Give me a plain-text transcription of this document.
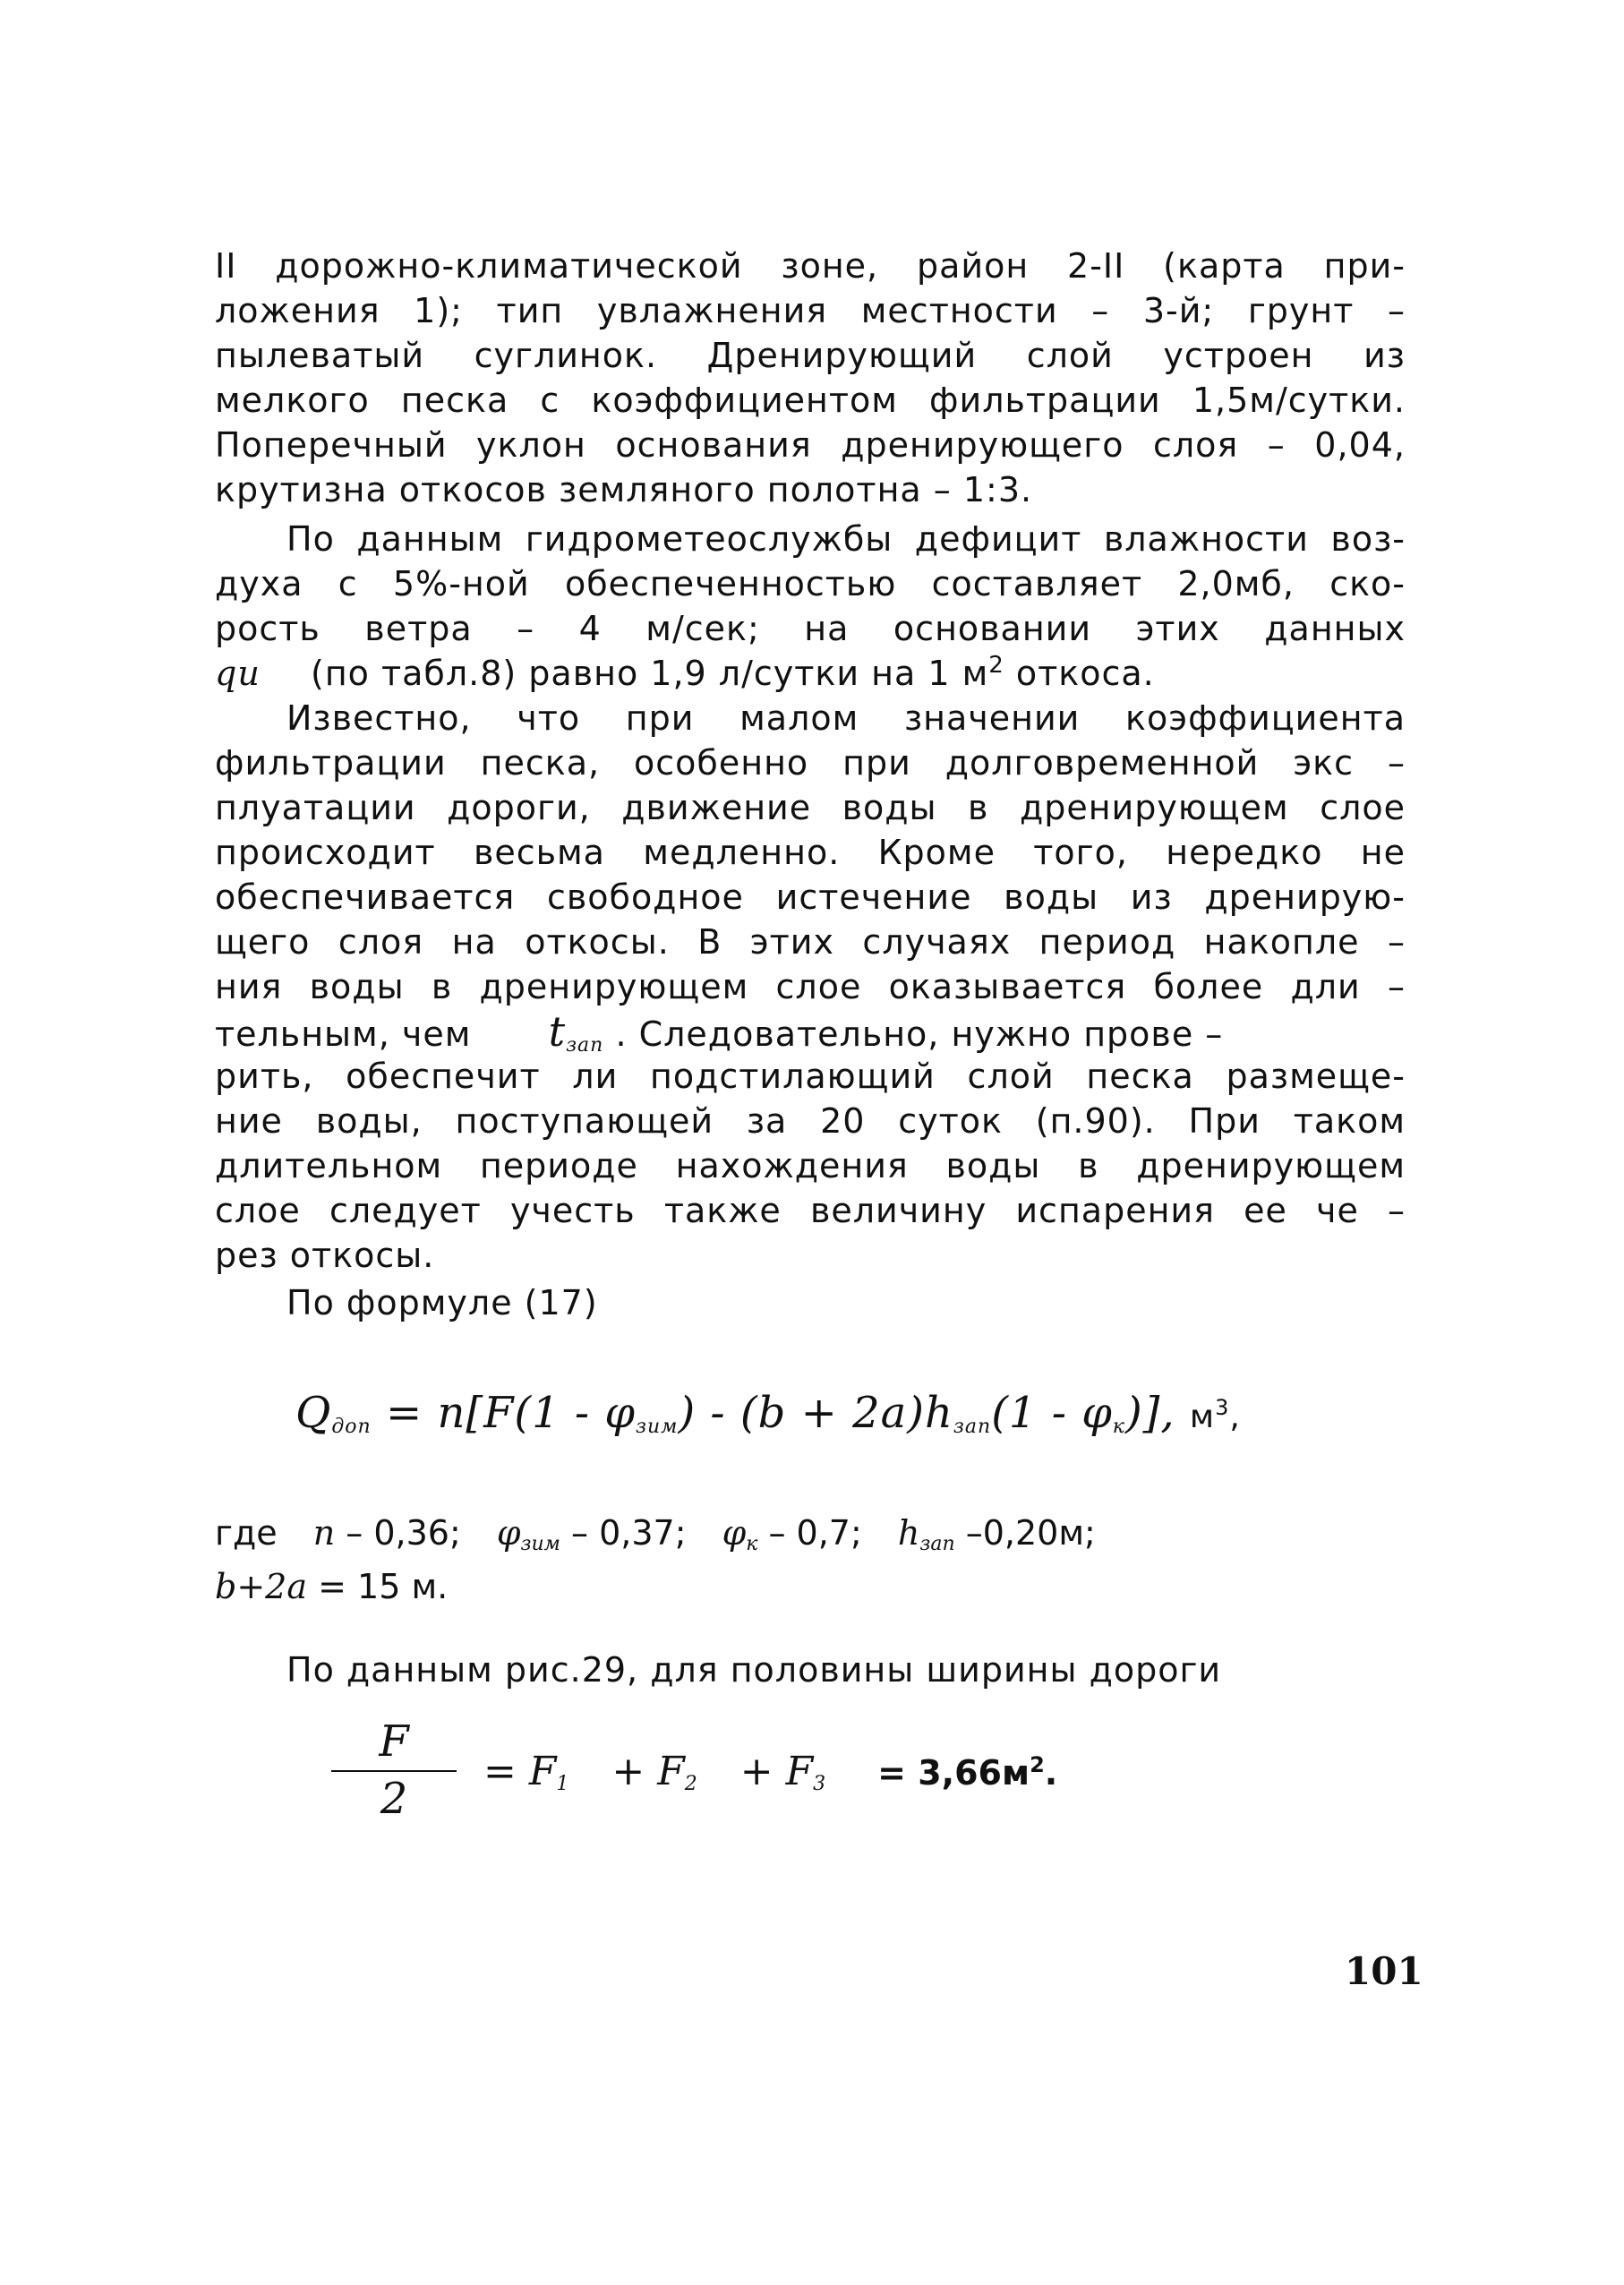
II дорожно-климатической зоне, район 2-II (карта при-
ложения 1); тип увлажнения местности – 3-й; грунт –
пылеватый суглинок. Дренирующий слой устроен из
мелкого песка с коэффициентом фильтрации 1,5м/сутки.
Поперечный уклон основания дренирующего слоя – 0,04,
крутизна откосов земляного полотна – 1:3.
По данным гидрометеослужбы дефицит влажности воз-
духа с 5%-ной обеспеченностью составляет 2,0мб, ско-
рость ветра – 4 м/сек; на основании этих данных
qu (по табл.8) равно 1,9 л/сутки на 1 $м^2$ откоса.
Известно, что при малом значении коэффициента
фильтрации песка, особенно при долговременной экс –
плуатации дороги, движение воды в дренирующем слое
происходит весьма медленно. Кроме того, нередко не
обеспечивается свободное истечение воды из дренирую-
щего слоя на откосы. В этих случаях период накопле –
ния воды в дренирующем слое оказывается более дли –
тельным, чем $t_{зап}$ . Следовательно, нужно прове –
рить, обеспечит ли подстилающий слой песка размеще-
ние воды, поступающей за 20 суток (п.90). При таком
длительном периоде нахождения воды в дренирующем
слое следует учесть также величину испарения ее че –
рез откосы.
По формуле (17)
$Q_{доп} = n[F(1 - \varphi_{зим}) - (b + 2a)h_{зап}(1 - \varphi_к)]$, $м^3$,
где n – 0,36; $\varphi_{зим} - 0,37$; $\varphi_к - 0,7$; $h_{зап}$ –0,20м;
b+2a = 15 м.
По данным рис.29, для половины ширины дороги
F
2
= $F_1 + F_2 + F_3 = 3,66м^2$.
101
